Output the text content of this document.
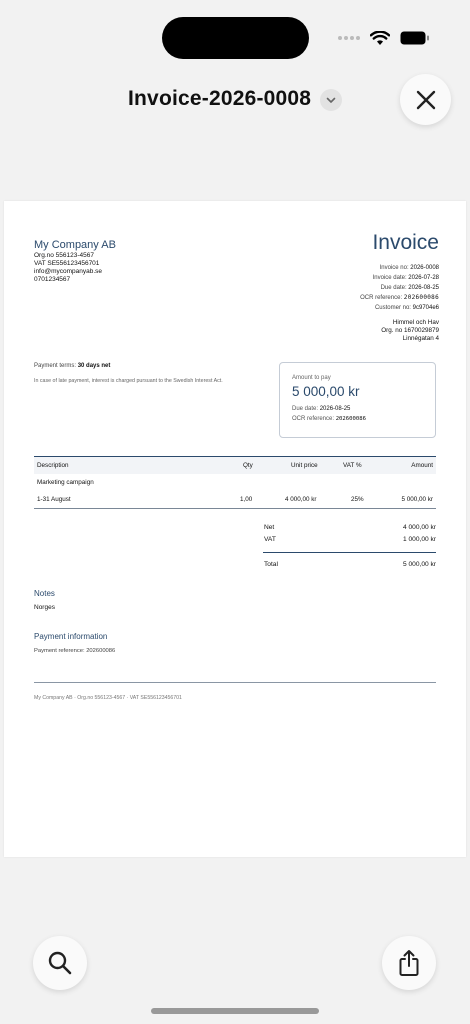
Invoice-2026-0008
My Company AB
Org.no 556123-4567
VAT SE556123456701
info@mycompanyab.se
0701234567
Invoice
Invoice no: 2026-0008
Invoice date: 2026-07-28
Due date: 2026-08-25
OCR reference: 202600086
Customer no: 9c9704e6
Himmel och Hav
Org. no 1670029879
Linnégatan 4
Payment terms: 30 days net
In case of late payment, interest is charged pursuant to the Swedish Interest Act.	Amount to pay
5 000,00 kr
Due date: 2026-08-25
OCR reference: 202600086
Description	Qty	Unit price	VAT %	Amount
Marketing campaign
1-31 August	1,00	4 000,00 kr	25%	5 000,00 kr
Net	4 000,00 kr
VAT	1 000,00 kr
Total	5 000,00 kr
Notes
Norges
Payment information
Payment reference: 202600086
My Company AB · Org.no 556123-4567 · VAT SE556123456701
